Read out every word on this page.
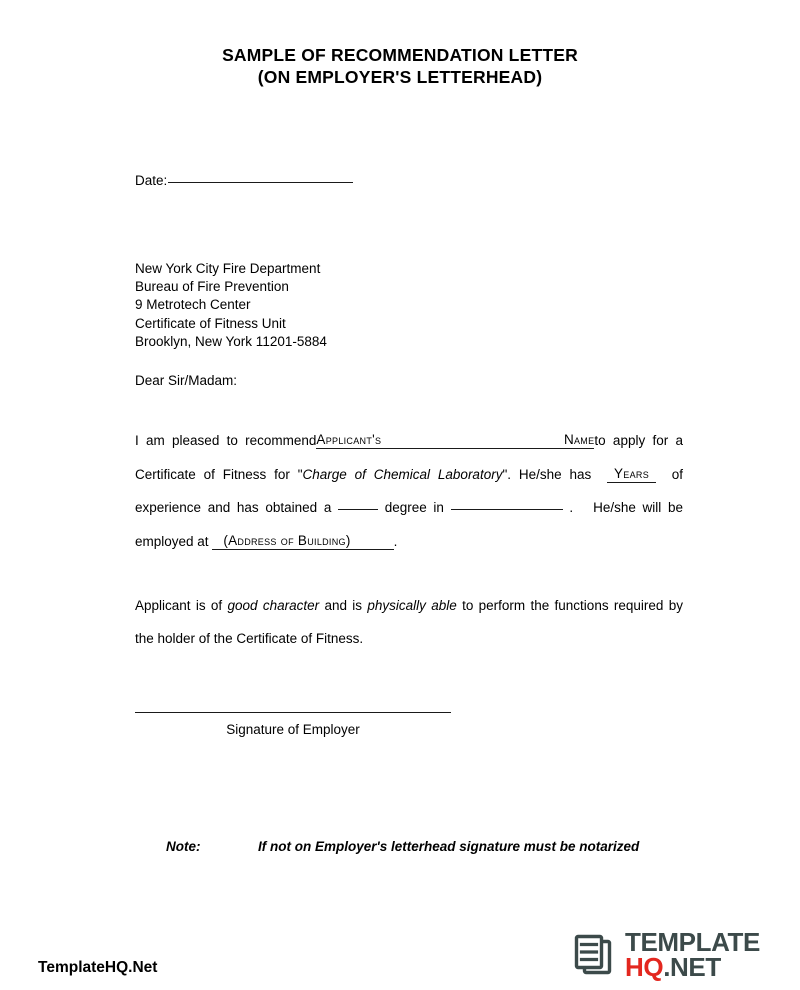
SAMPLE OF RECOMMENDATION LETTER
(ON EMPLOYER'S LETTERHEAD)
Date:
New York City Fire Department
Bureau of Fire Prevention
9 Metrotech Center
Certificate of Fitness Unit
Brooklyn, New York 11201-5884
Dear Sir/Madam:

I am pleased to recommendApplicant's Nameto apply for a
Certificate of Fitness for "Charge of Chemical Laboratory". He/she has Years of
experience and has obtained a	degree in	. He/she will be
employed at (Address of Building)	.

Applicant is of good character and is physically able to perform the functions required by
the holder of the Certificate of Fitness.

Signature of Employer
Note:	If not on Employer's letterhead signature must be notarized
TemplateHQ.Net
TEMPLATE
HQ.NET
